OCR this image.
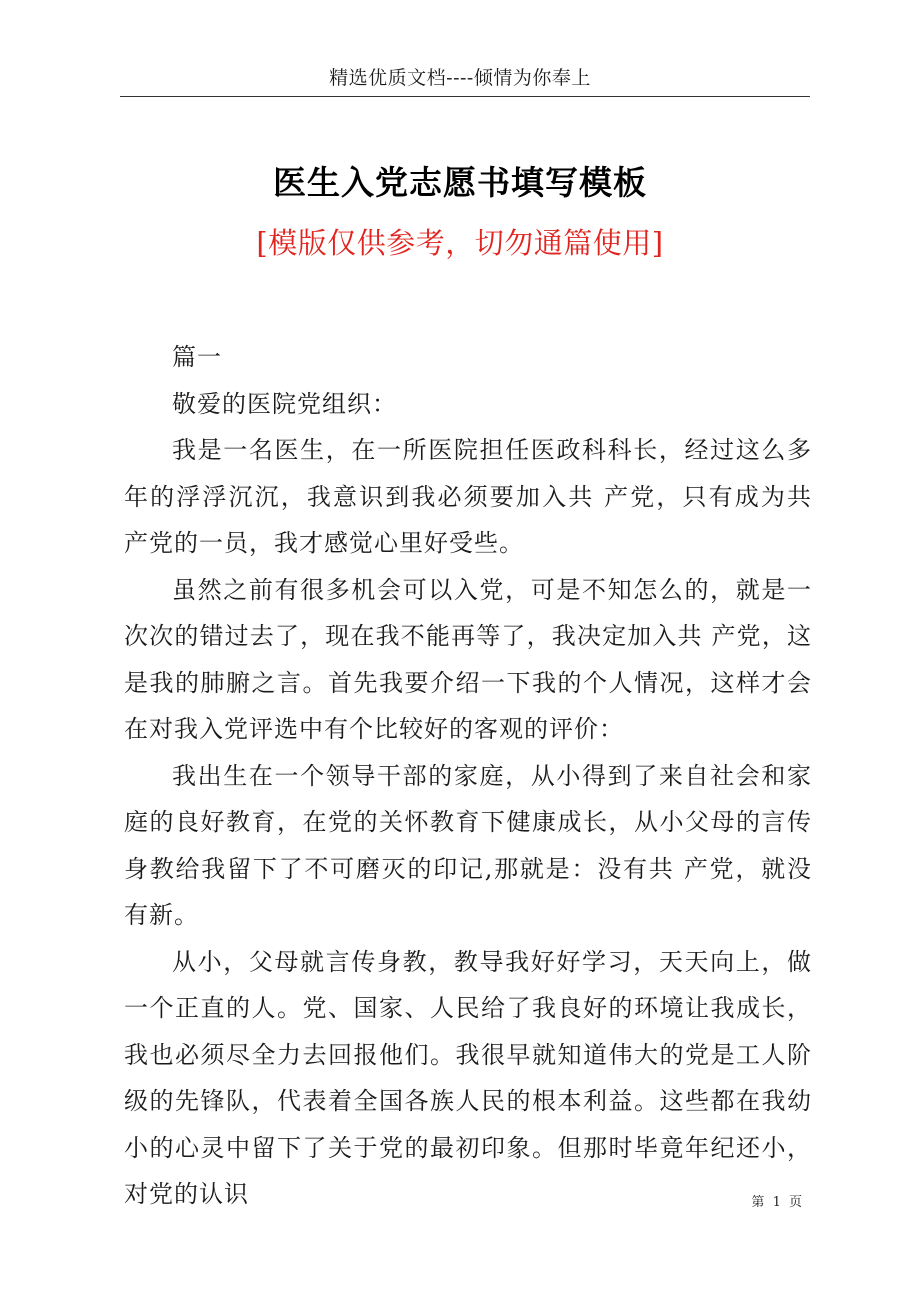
精选优质文档----倾情为你奉上
医生入党志愿书填写模板
[模版仅供参考，切勿通篇使用]

篇一

敬爱的医院党组织：

我是一名医生，在一所医院担任医政科科长，经过这么多年的浮浮沉沉，我意识到我必须要加入共 产党，只有成为共 产党的一员，我才感觉心里好受些。

虽然之前有很多机会可以入党，可是不知怎么的，就是一次次的错过去了，现在我不能再等了，我决定加入共 产党，这是我的肺腑之言。首先我要介绍一下我的个人情况，这样才会在对我入党评选中有个比较好的客观的评价：

我出生在一个领导干部的家庭，从小得到了来自社会和家庭的良好教育，在党的关怀教育下健康成长，从小父母的言传身教给我留下了不可磨灭的印记,那就是：没有共 产党，就没有新。

从小，父母就言传身教，教导我好好学习，天天向上，做一个正直的人。党、国家、人民给了我良好的环境让我成长，我也必须尽全力去回报他们。我很早就知道伟大的党是工人阶级的先锋队，代表着全国各族人民的根本利益。这些都在我幼小的心灵中留下了关于党的最初印象。但那时毕竟年纪还小，对党的认识	第 1 页
